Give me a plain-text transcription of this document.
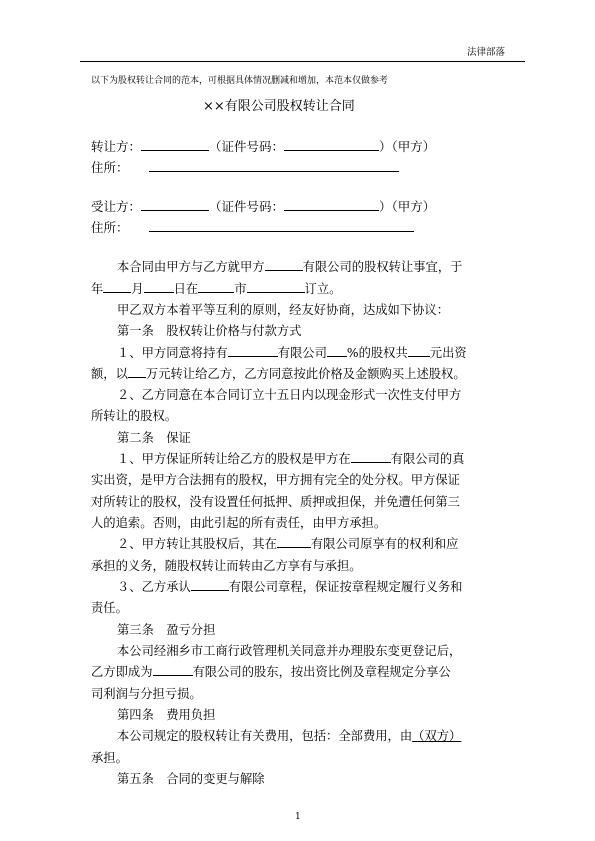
法律部落
以下为股权转让合同的范本，可根据具体情况删减和增加，本范本仅做参考
××有限公司股权转让合同
转让方：	（证件号码：	）（甲方）
住所：
受让方：	（证件号码：	）（甲方）
住所：

本合同由甲方与乙方就甲方	有限公司的股权转让事宜，于

年 月 日在	市	订立。

甲乙双方本着平等互利的原则，经友好协商，达成如下协议：

第一条　股权转让价格与付款方式

１、甲方同意将持有	有限公司 %的股权共 元出资

额，以 万元转让给乙方，乙方同意按此价格及金额购买上述股权。

２、乙方同意在本合同订立十五日内以现金形式一次性支付甲方

所转让的股权。

第二条　保证

１、甲方保证所转让给乙方的股权是甲方在	有限公司的真

实出资，是甲方合法拥有的股权，甲方拥有完全的处分权。甲方保证

对所转让的股权，没有设置任何抵押、质押或担保，并免遭任何第三

人的追索。否则，由此引起的所有责任，由甲方承担。

２、甲方转让其股权后，其在	有限公司原享有的权利和应

承担的义务，随股权转让而转由乙方享有与承担。

３、乙方承认	有限公司章程，保证按章程规定履行义务和

责任。

第三条　盈亏分担

本公司经湘乡市工商行政管理机关同意并办理股东变更登记后，

乙方即成为	有限公司的股东，按出资比例及章程规定分享公

司利润与分担亏损。

第四条　费用负担

本公司规定的股权转让有关费用，包括：全部费用，由（双方）

承担。

第五条　合同的变更与解除

1
